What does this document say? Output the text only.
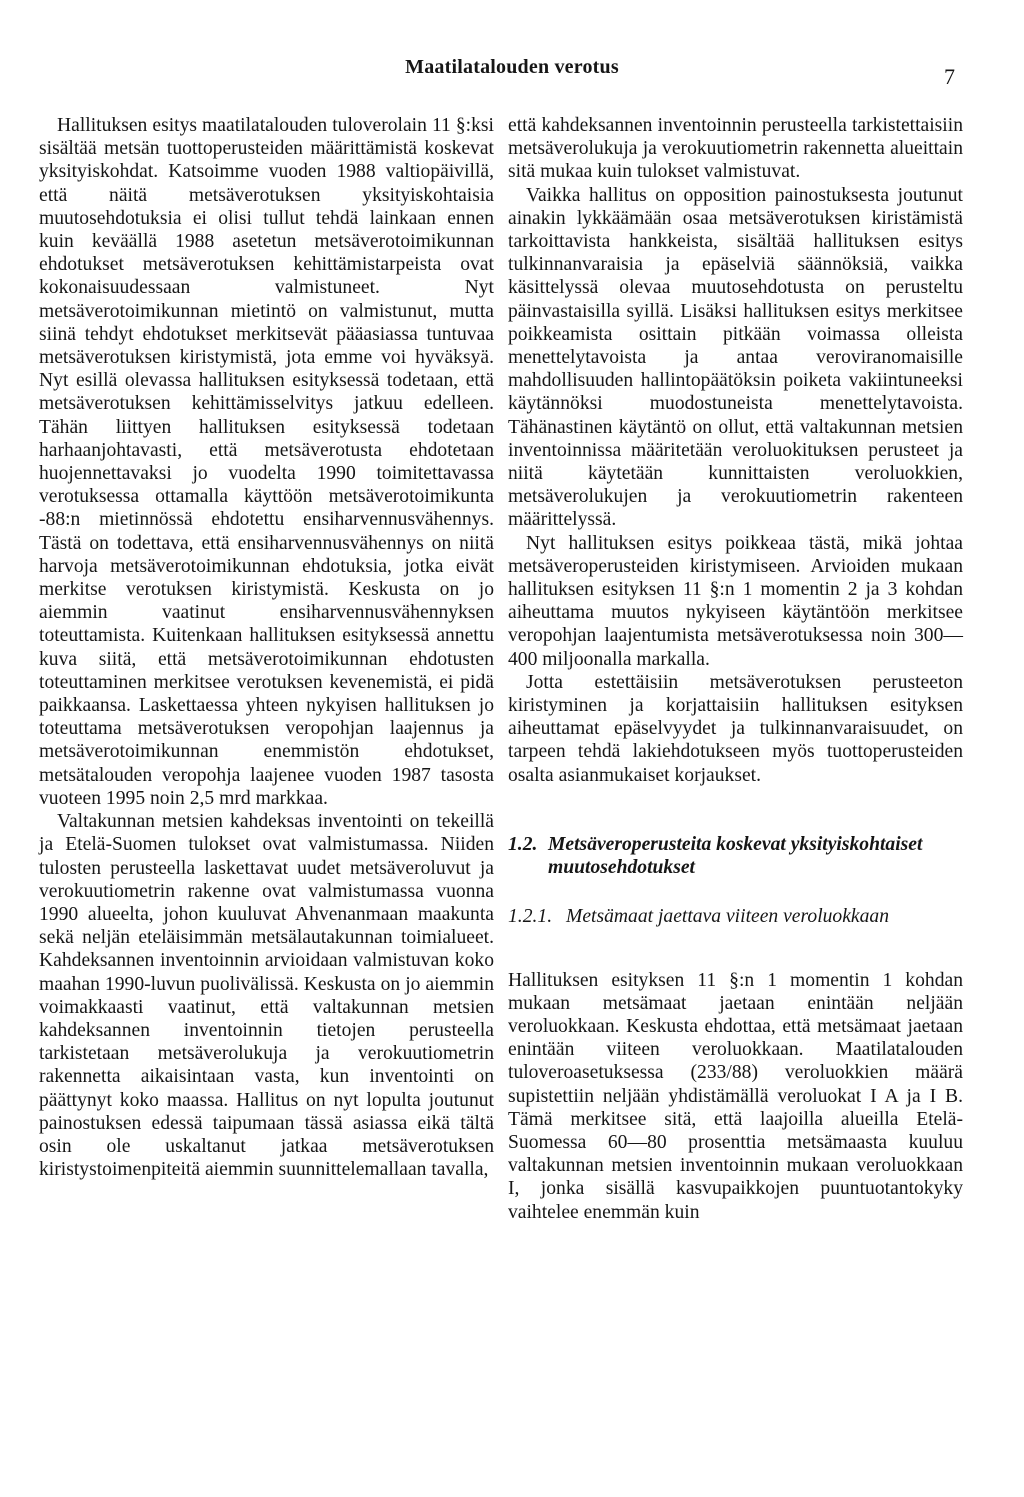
Maatilatalouden verotus	7

Hallituksen esitys maatilatalouden tuloverolain 11 §:ksi sisältää metsän tuottoperusteiden määrittämistä koskevat yksityiskohdat. Katsoimme vuoden 1988 valtiopäivillä, että näitä metsäverotuksen yksityiskohtaisia muutosehdotuksia ei olisi tullut tehdä lainkaan ennen kuin keväällä 1988 asetetun metsäverotoimikunnan ehdotukset metsäverotuksen kehittämistarpeista ovat kokonaisuudessaan valmistuneet. Nyt metsäverotoimikunnan mietintö on valmistunut, mutta siinä tehdyt ehdotukset merkitsevät pääasiassa tuntuvaa metsäverotuksen kiristymistä, jota emme voi hyväksyä. Nyt esillä olevassa hallituksen esityksessä todetaan, että metsäverotuksen kehittämisselvitys jatkuu edelleen. Tähän liittyen hallituksen esityksessä todetaan harhaanjohtavasti, että metsäverotusta ehdotetaan huojennettavaksi jo vuodelta 1990 toimitettavassa verotuksessa ottamalla käyttöön metsäverotoimikunta -88:n mietinnössä ehdotettu ensiharvennusvähennys. Tästä on todettava, että ensiharvennusvähennys on niitä harvoja metsäverotoimikunnan ehdotuksia, jotka eivät merkitse verotuksen kiristymistä. Keskusta on jo aiemmin vaatinut ensiharvennusvähennyksen toteuttamista. Kuitenkaan hallituksen esityksessä annettu kuva siitä, että metsäverotoimikunnan ehdotusten toteuttaminen merkitsee verotuksen kevenemistä, ei pidä paikkaansa. Laskettaessa yhteen nykyisen hallituksen jo toteuttama metsäverotuksen veropohjan laajennus ja metsäverotoimikunnan enemmistön ehdotukset, metsätalouden veropohja laajenee vuoden 1987 tasosta vuoteen 1995 noin 2,5 mrd markkaa.

Valtakunnan metsien kahdeksas inventointi on tekeillä ja Etelä-Suomen tulokset ovat valmistumassa. Niiden tulosten perusteella laskettavat uudet metsäveroluvut ja verokuutiometrin rakenne ovat valmistumassa vuonna 1990 alueelta, johon kuuluvat Ahvenanmaan maakunta sekä neljän eteläisimmän metsälautakunnan toimialueet. Kahdeksannen inventoinnin arvioidaan valmistuvan koko maahan 1990-luvun puolivälissä. Keskusta on jo aiemmin voimakkaasti vaatinut, että valtakunnan metsien kahdeksannen inventoinnin tietojen perusteella tarkistetaan metsäverolukuja ja verokuutiometrin rakennetta aikaisintaan vasta, kun inventointi on päättynyt koko maassa. Hallitus on nyt lopulta joutunut painostuksen edessä taipumaan tässä asiassa eikä tältä osin ole uskaltanut jatkaa metsäverotuksen kiristystoimenpiteitä aiemmin suunnittelemallaan tavalla,

että kahdeksannen inventoinnin perusteella tarkistettaisiin metsäverolukuja ja verokuutiometrin rakennetta alueittain sitä mukaa kuin tulokset valmistuvat.

Vaikka hallitus on opposition painostuksesta joutunut ainakin lykkäämään osaa metsäverotuksen kiristämistä tarkoittavista hankkeista, sisältää hallituksen esitys tulkinnanvaraisia ja epäselviä säännöksiä, vaikka käsittelyssä olevaa muutosehdotusta on perusteltu päinvastaisilla syillä. Lisäksi hallituksen esitys merkitsee poikkeamista osittain pitkään voimassa olleista menettelytavoista ja antaa veroviranomaisille mahdollisuuden hallintopäätöksin poiketa vakiintuneeksi käytännöksi muodostuneista menettelytavoista. Tähänastinen käytäntö on ollut, että valtakunnan metsien inventoinnissa määritetään veroluokituksen perusteet ja niitä käytetään kunnittaisten veroluokkien, metsäverolukujen ja verokuutiometrin rakenteen määrittelyssä.

Nyt hallituksen esitys poikkeaa tästä, mikä johtaa metsäveroperusteiden kiristymiseen. Arvioiden mukaan hallituksen esityksen 11 §:n 1 momentin 2 ja 3 kohdan aiheuttama muutos nykyiseen käytäntöön merkitsee veropohjan laajentumista metsäverotuksessa noin 300—400 miljoonalla markalla.

Jotta estettäisiin metsäverotuksen perusteeton kiristyminen ja korjattaisiin hallituksen esityksen aiheuttamat epäselvyydet ja tulkinnanvaraisuudet, on tarpeen tehdä lakiehdotukseen myös tuottoperusteiden osalta asianmukaiset korjaukset.

1.2. Metsäveroperusteita koskevat yksityiskohtaiset muutosehdotukset
1.2.1. Metsämaat jaettava viiteen veroluokkaan

Hallituksen esityksen 11 §:n 1 momentin 1 kohdan mukaan metsämaat jaetaan enintään neljään veroluokkaan. Keskusta ehdottaa, että metsämaat jaetaan enintään viiteen veroluokkaan. Maatilatalouden tuloveroasetuksessa (233/88) veroluokkien määrä supistettiin neljään yhdistämällä veroluokat I A ja I B. Tämä merkitsee sitä, että laajoilla alueilla Etelä-Suomessa 60—80 prosenttia metsämaasta kuuluu valtakunnan metsien inventoinnin mukaan veroluokkaan I, jonka sisällä kasvupaikkojen puuntuotantokyky vaihtelee enemmän kuin
